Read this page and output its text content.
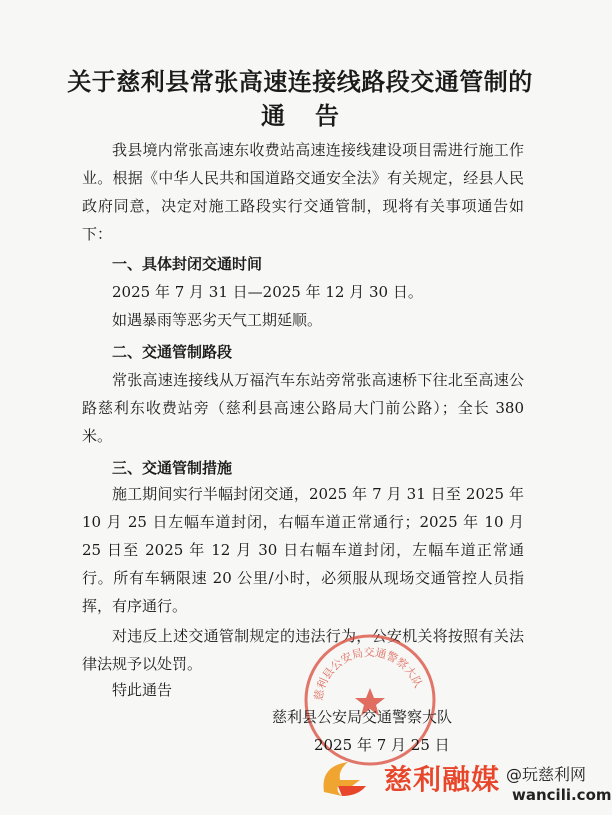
关于慈利县常张高速连接线路段交通管制的
通告
我县境内常张高速东收费站高速连接线建设项目需进行施工作业。根据《中华人民共和国道路交通安全法》有关规定，经县人民政府同意，决定对施工路段实行交通管制，现将有关事项通告如下：
一、具体封闭交通时间
2025 年 7 月 31 日—2025 年 12 月 30 日。
如遇暴雨等恶劣天气工期延顺。
二、交通管制路段
常张高速连接线从万福汽车东站旁常张高速桥下往北至高速公路慈利东收费站旁（慈利县高速公路局大门前公路）；全长 380 米。
三、交通管制措施
施工期间实行半幅封闭交通，2025 年 7 月 31 日至 2025 年 10 月 25 日左幅车道封闭，右幅车道正常通行；2025 年 10 月 25 日至 2025 年 12 月 30 日右幅车道封闭，左幅车道正常通行。所有车辆限速 20 公里/小时，必须服从现场交通管控人员指挥，有序通行。
对违反上述交通管制规定的违法行为，公安机关将按照有关法律法规予以处罚。
特此通告	慈利县公安局交通警察大队
慈利县公安局交通警察大队
2025 年 7 月 25 日
慈利融媒 @玩慈利网
wancili.com
